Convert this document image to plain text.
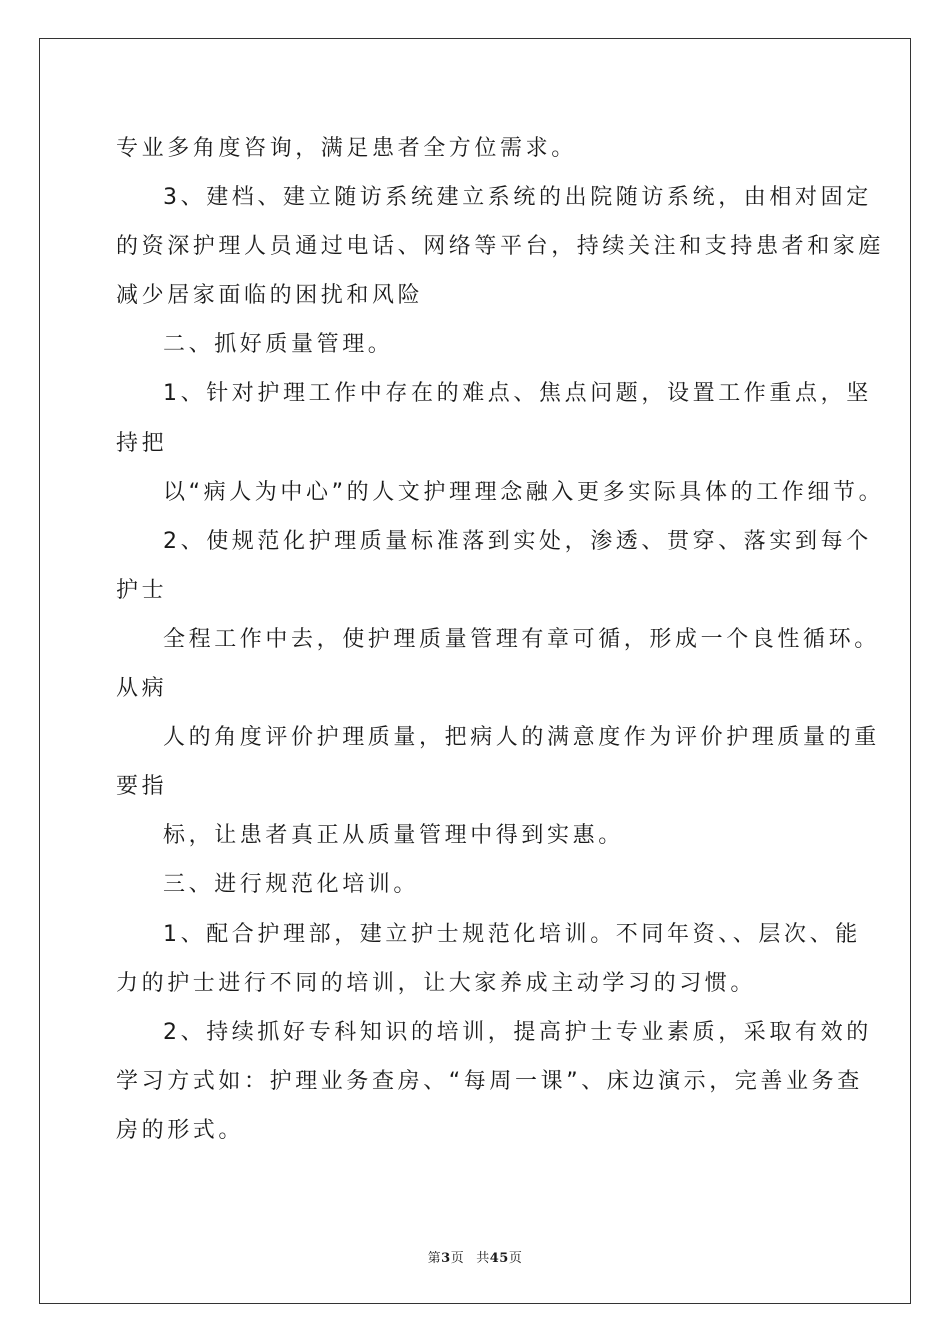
专业多角度咨询，满足患者全方位需求。
3、建档、建立随访系统建立系统的出院随访系统，由相对固定
的资深护理人员通过电话、网络等平台，持续关注和支持患者和家庭
减少居家面临的困扰和风险
二、抓好质量管理。
1、针对护理工作中存在的难点、焦点问题，设置工作重点，坚
持把
以“病人为中心”的人文护理理念融入更多实际具体的工作细节。
2、使规范化护理质量标准落到实处，渗透、贯穿、落实到每个
护士
全程工作中去，使护理质量管理有章可循，形成一个良性循环。
从病
人的角度评价护理质量，把病人的满意度作为评价护理质量的重
要指
标，让患者真正从质量管理中得到实惠。
三、进行规范化培训。
1、配合护理部，建立护士规范化培训。不同年资、、层次、能
力的护士进行不同的培训，让大家养成主动学习的习惯。
2、持续抓好专科知识的培训，提高护士专业素质，采取有效的
学习方式如：护理业务查房、“每周一课”、床边演示，完善业务查
房的形式。
第3页 共45页
